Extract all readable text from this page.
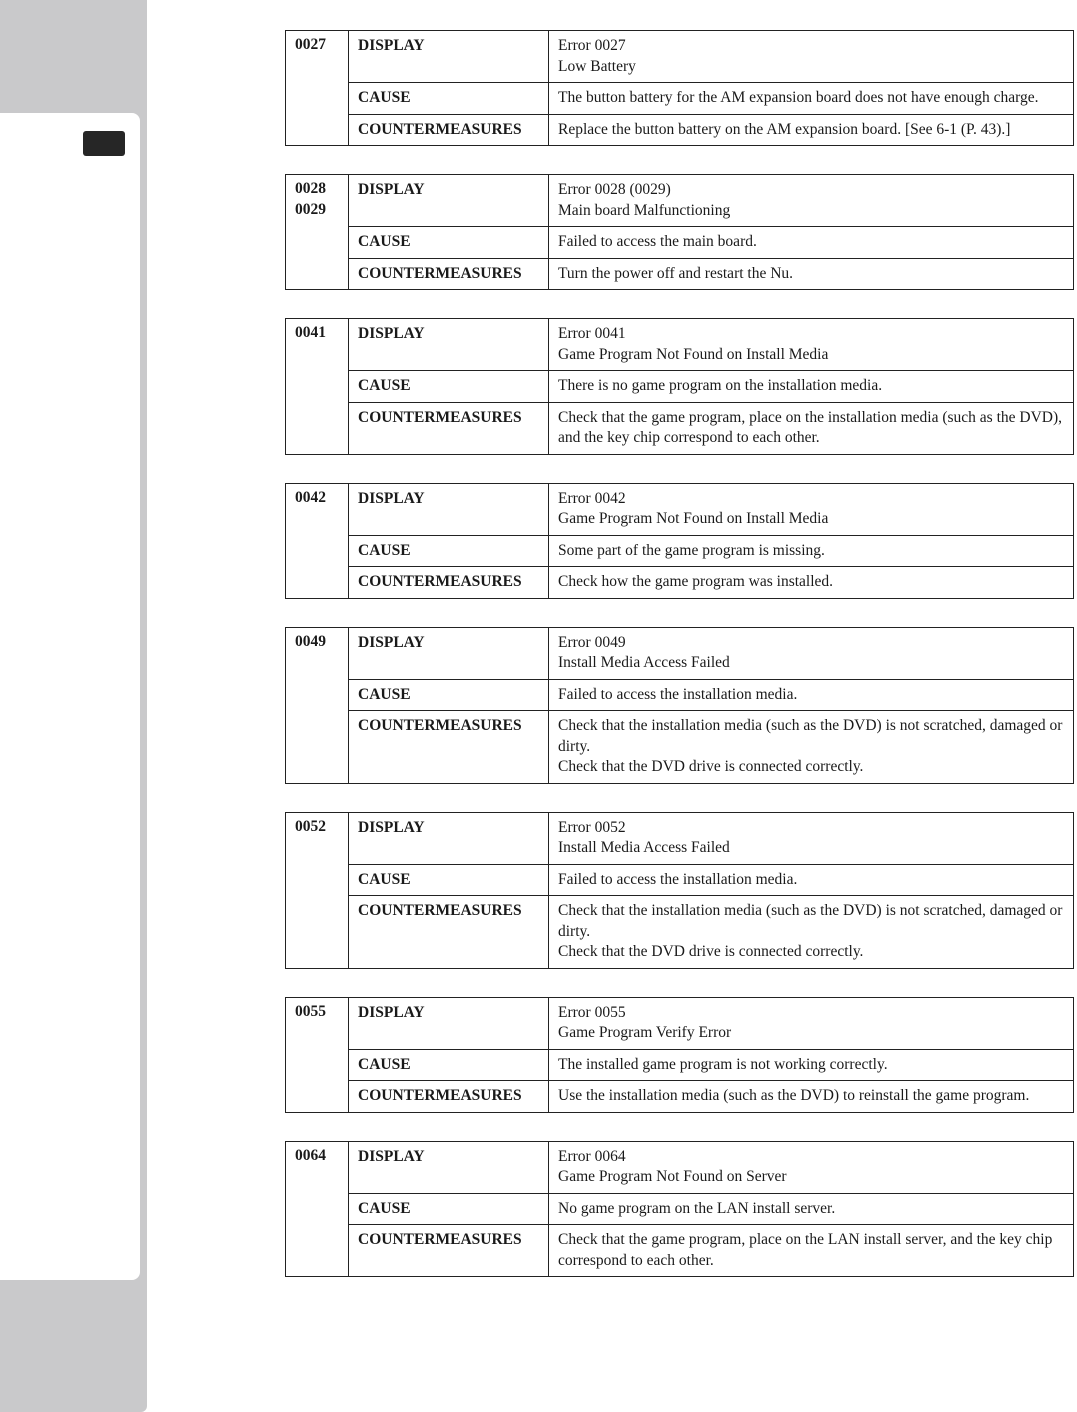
0027	DISPLAY	Error 0027
Low Battery

	CAUSE	The button battery for the AM expansion board does not have enough charge.

	COUNTERMEASURES	Replace the button battery on the AM expansion board. [See 6-1 (P. 43).]
0028
0029	DISPLAY	Error 0028 (0029)
Main board Malfunctioning

	CAUSE	Failed to access the main board.

	COUNTERMEASURES	Turn the power off and restart the Nu.
0041	DISPLAY	Error 0041
Game Program Not Found on Install Media

	CAUSE	There is no game program on the installation media.

	COUNTERMEASURES	Check that the game program, place on the installation media (such as the DVD), and the key chip correspond to each other.
0042	DISPLAY	Error 0042
Game Program Not Found on Install Media

	CAUSE	Some part of the game program is missing.

	COUNTERMEASURES	Check how the game program was installed.
0049	DISPLAY	Error 0049
Install Media Access Failed

	CAUSE	Failed to access the installation media.

	COUNTERMEASURES	Check that the installation media (such as the DVD) is not scratched, damaged or dirty.
Check that the DVD drive is connected correctly.
0052	DISPLAY	Error 0052
Install Media Access Failed

	CAUSE	Failed to access the installation media.

	COUNTERMEASURES	Check that the installation media (such as the DVD) is not scratched, damaged or dirty.
Check that the DVD drive is connected correctly.
0055	DISPLAY	Error 0055
Game Program Verify Error

	CAUSE	The installed game program is not working correctly.

	COUNTERMEASURES	Use the installation media (such as the DVD) to reinstall the game program.
0064	DISPLAY	Error 0064
Game Program Not Found on Server

	CAUSE	No game program on the LAN install server.

	COUNTERMEASURES	Check that the game program, place on the LAN install server, and the key chip correspond to each other.
